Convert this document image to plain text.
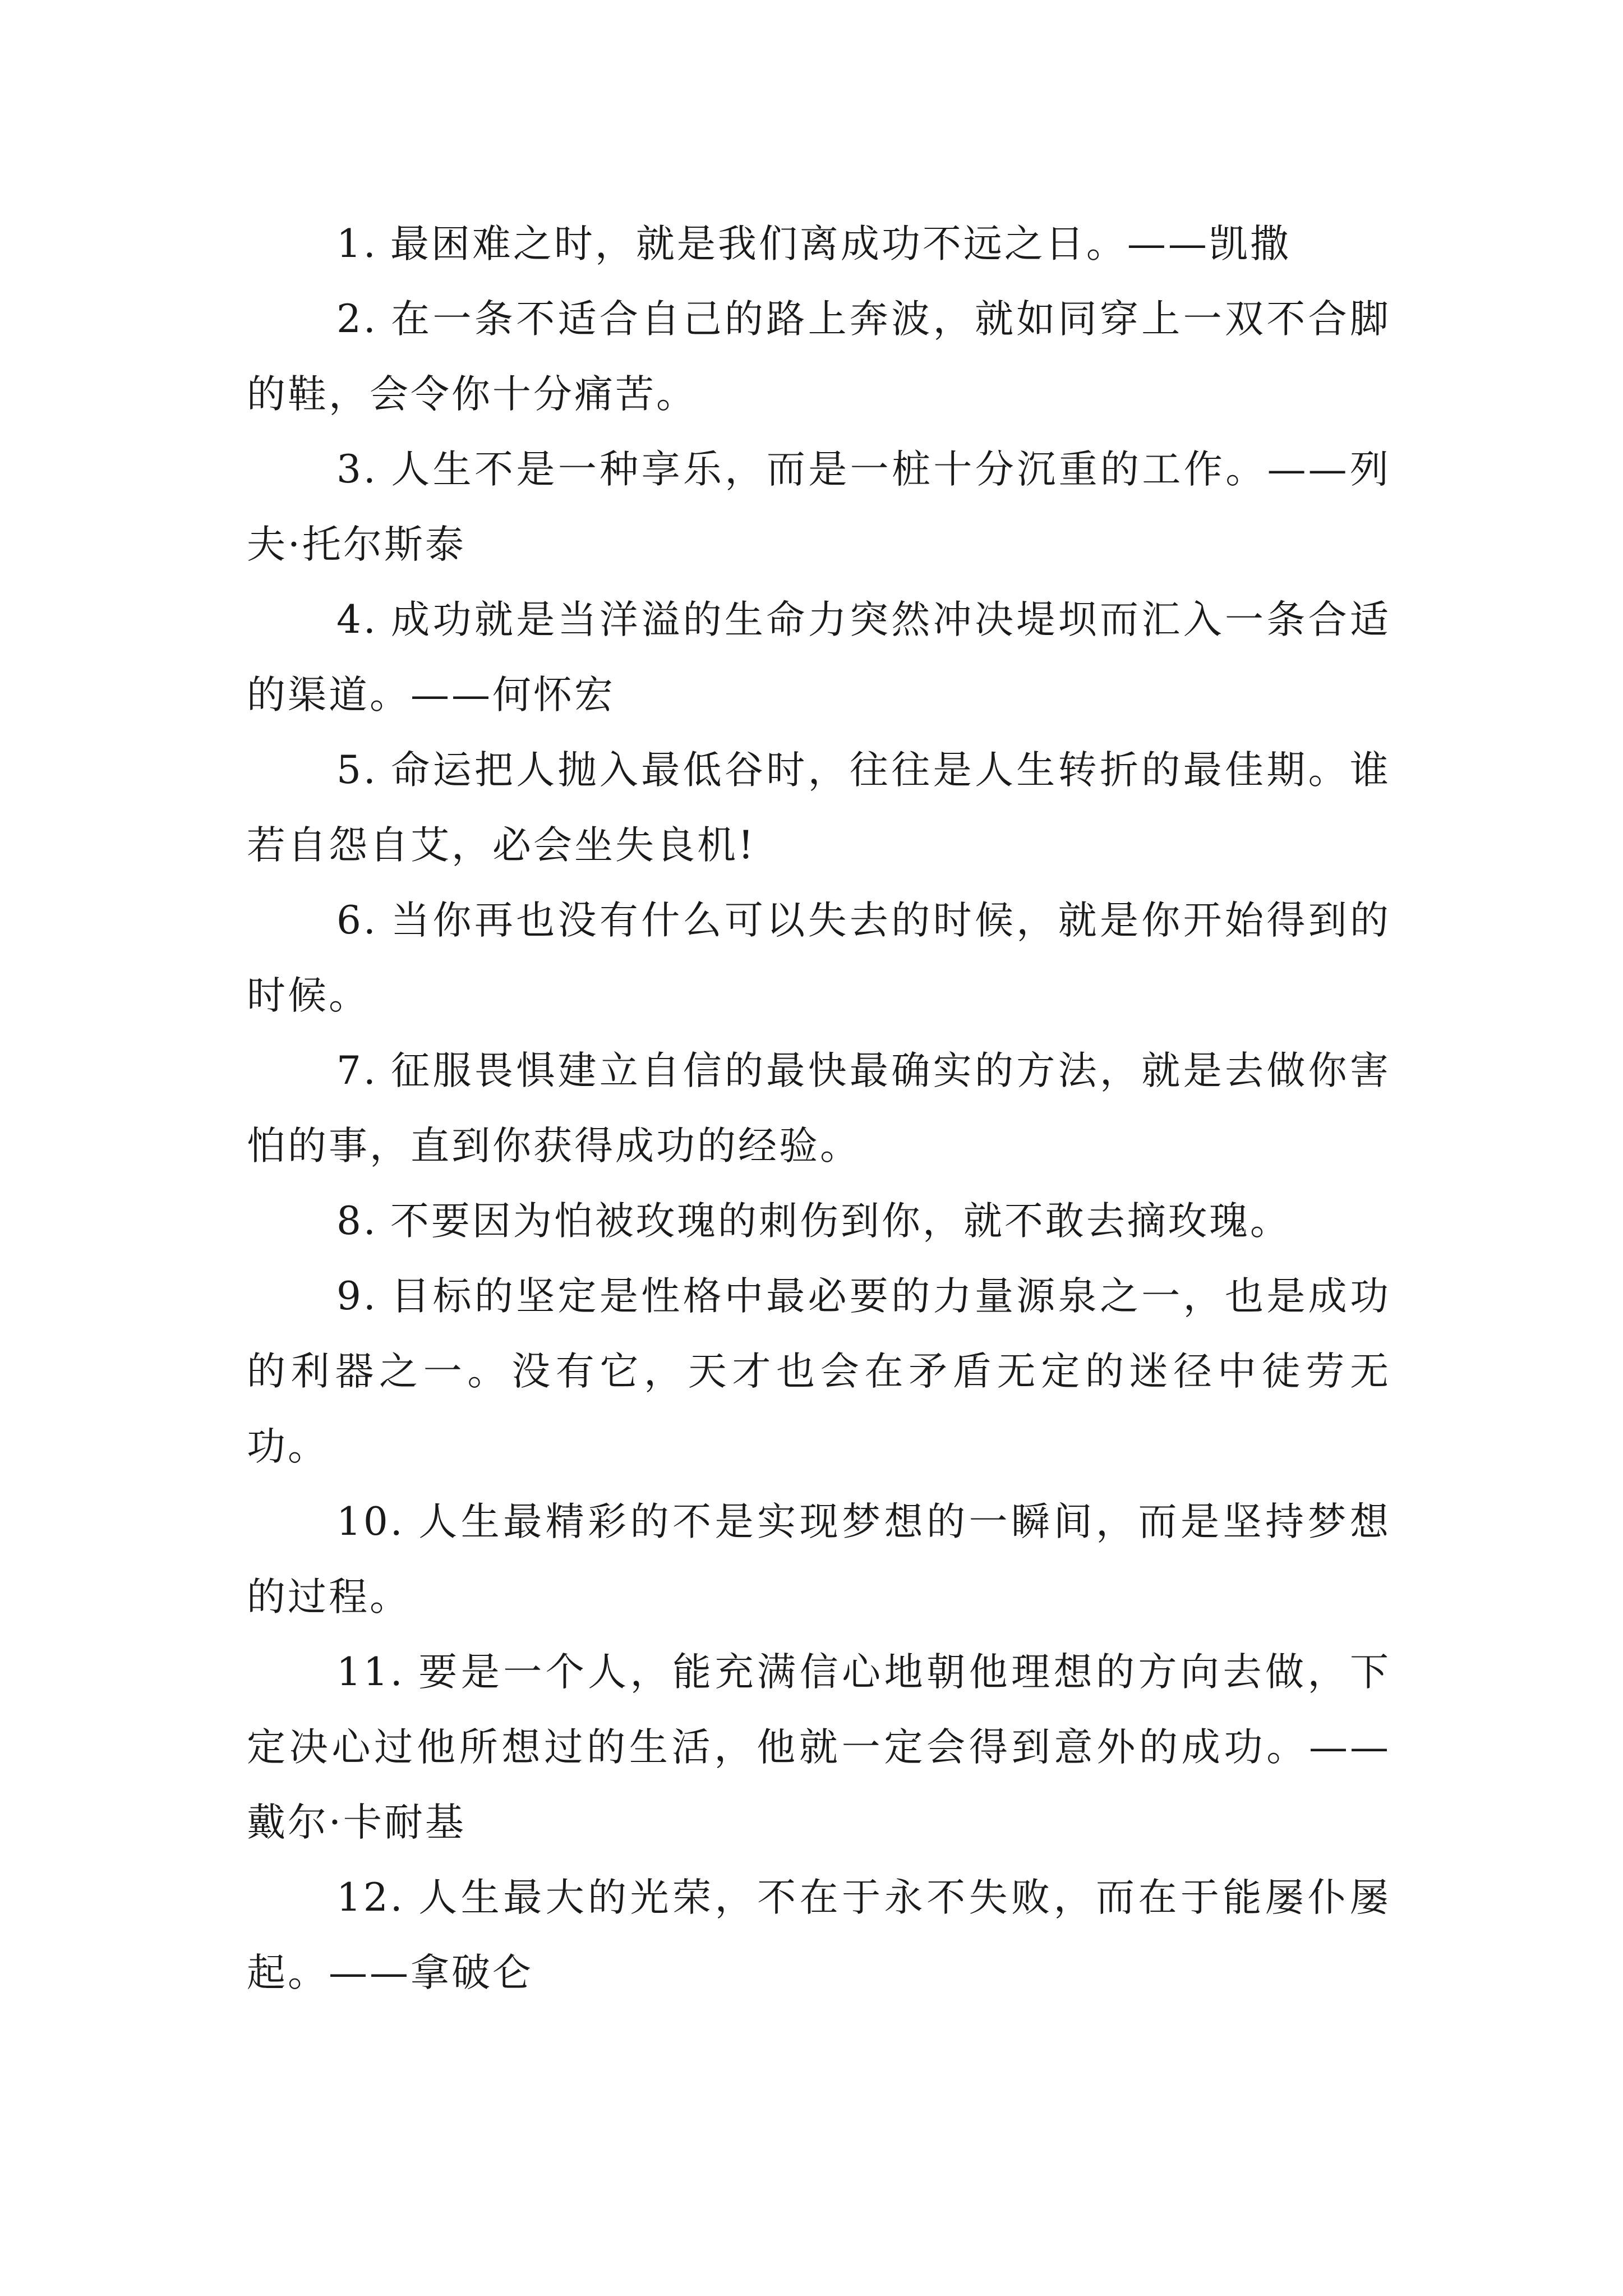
1. 最困难之时，就是我们离成功不远之日。——凯撒

2. 在一条不适合自己的路上奔波，就如同穿上一双不合脚的鞋，会令你十分痛苦。

3. 人生不是一种享乐，而是一桩十分沉重的工作。——列夫·托尔斯泰

4. 成功就是当洋溢的生命力突然冲决堤坝而汇入一条合适的渠道。——何怀宏

5. 命运把人抛入最低谷时，往往是人生转折的最佳期。谁若自怨自艾，必会坐失良机!

6. 当你再也没有什么可以失去的时候，就是你开始得到的时候。

7. 征服畏惧建立自信的最快最确实的方法，就是去做你害怕的事，直到你获得成功的经验。

8. 不要因为怕被玫瑰的刺伤到你，就不敢去摘玫瑰。

9. 目标的坚定是性格中最必要的力量源泉之一，也是成功的利器之一。没有它，天才也会在矛盾无定的迷径中徒劳无功。

10. 人生最精彩的不是实现梦想的一瞬间，而是坚持梦想的过程。

11. 要是一个人，能充满信心地朝他理想的方向去做，下定决心过他所想过的生活，他就一定会得到意外的成功。——戴尔·卡耐基

12. 人生最大的光荣，不在于永不失败，而在于能屡仆屡起。——拿破仑
